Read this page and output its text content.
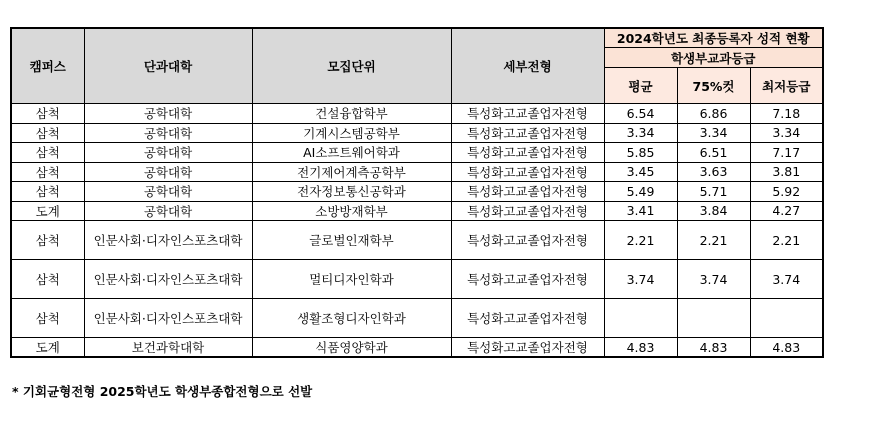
캠퍼스	단과대학	모집단위	세부전형	2024학년도 최종등록자 성적 현황		
				학생부교과등급		
				평균	75%컷	최저등급
삼척	공학대학	건설융합학부	특성화고교졸업자전형	6.54	6.86	7.18
삼척	공학대학	기계시스템공학부	특성화고교졸업자전형	3.34	3.34	3.34
삼척	공학대학	AI소프트웨어학과	특성화고교졸업자전형	5.85	6.51	7.17
삼척	공학대학	전기제어계측공학부	특성화고교졸업자전형	3.45	3.63	3.81
삼척	공학대학	전자정보통신공학과	특성화고교졸업자전형	5.49	5.71	5.92
도계	공학대학	소방방재학부	특성화고교졸업자전형	3.41	3.84	4.27
삼척	인문사회·디자인스포츠대학	글로벌인재학부	특성화고교졸업자전형	2.21	2.21	2.21
삼척	인문사회·디자인스포츠대학	멀티디자인학과	특성화고교졸업자전형	3.74	3.74	3.74
삼척	인문사회·디자인스포츠대학	생활조형디자인학과	특성화고교졸업자전형			
도계	보건과학대학	식품영양학과	특성화고교졸업자전형	4.83	4.83	4.83
* 기회균형전형 2025학년도 학생부종합전형으로 선발
